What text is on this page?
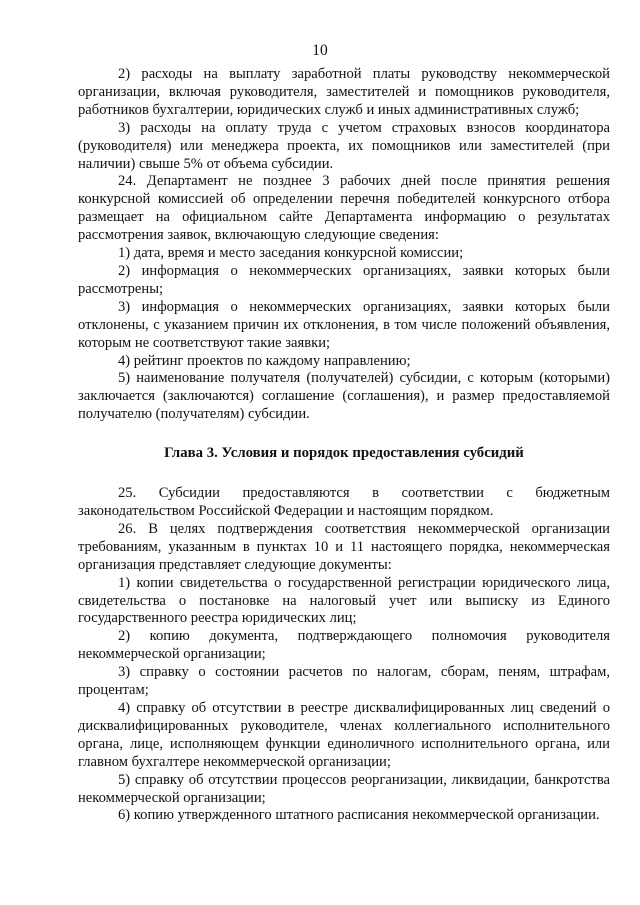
10

2) расходы на выплату заработной платы руководству некоммерческой организации, включая руководителя, заместителей и помощников руководителя, работников бухгалтерии, юридических служб и иных административных служб;

3) расходы на оплату труда с учетом страховых взносов координатора (руководителя) или менеджера проекта, их помощников или заместителей (при наличии) свыше 5% от объема субсидии.

24. Департамент не позднее 3 рабочих дней после принятия решения конкурсной комиссией об определении перечня победителей конкурсного отбора размещает на официальном сайте Департамента информацию о результатах рассмотрения заявок, включающую следующие сведения:

1) дата, время и место заседания конкурсной комиссии;

2) информация о некоммерческих организациях, заявки которых были рассмотрены;

3) информация о некоммерческих организациях, заявки которых были отклонены, с указанием причин их отклонения, в том числе положений объявления, которым не соответствуют такие заявки;

4) рейтинг проектов по каждому направлению;

5) наименование получателя (получателей) субсидии, с которым (которыми) заключается (заключаются) соглашение (соглашения), и размер предоставляемой получателю (получателям) субсидии.

Глава 3. Условия и порядок предоставления субсидий

25. Субсидии предоставляются в соответствии с бюджетным законодательством Российской Федерации и настоящим порядком.

26. В целях подтверждения соответствия некоммерческой организации требованиям, указанным в пунктах 10 и 11 настоящего порядка, некоммерческая организация представляет следующие документы:

1) копии свидетельства о государственной регистрации юридического лица, свидетельства о постановке на налоговый учет или выписку из Единого государственного реестра юридических лиц;

2) копию документа, подтверждающего полномочия руководителя некоммерческой организации;

3) справку о состоянии расчетов по налогам, сборам, пеням, штрафам, процентам;

4) справку об отсутствии в реестре дисквалифицированных лиц сведений о дисквалифицированных руководителе, членах коллегиального исполнительного органа, лице, исполняющем функции единоличного исполнительного органа, или главном бухгалтере некоммерческой организации;

5) справку об отсутствии процессов реорганизации, ликвидации, банкротства некоммерческой организации;

6) копию утвержденного штатного расписания некоммерческой организации.
